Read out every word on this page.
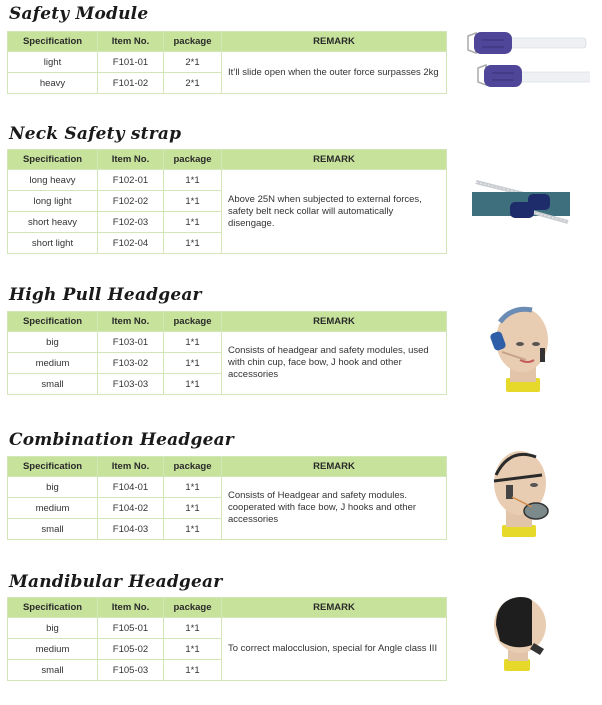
Safety Module
Specification	Item No.	package	REMARK
light	F101-01	2*1	It’ll slide open when the outer force surpasses 2kg
heavy	F101-02	2*1	
Neck Safety strap
Specification	Item No.	package	REMARK
long heavy	F102-01	1*1	Above 25N when subjected to external forces, safety belt neck collar will automatically disengage.
long light	F102-02	1*1	
short heavy	F102-03	1*1	
short light	F102-04	1*1	
High Pull Headgear
Specification	Item No.	package	REMARK
big	F103-01	1*1	Consists of headgear and safety modules, used with chin cup, face bow, J hook and other accessories
medium	F103-02	1*1	
small	F103-03	1*1	
Combination Headgear
Specification	Item No.	package	REMARK
big	F104-01	1*1	Consists of Headgear and safety modules. cooperated with face bow, J hooks and other accessories
medium	F104-02	1*1	
small	F104-03	1*1	
Mandibular Headgear
Specification	Item No.	package	REMARK
big	F105-01	1*1	To correct malocclusion, special for Angle class III
medium	F105-02	1*1	
small	F105-03	1*1	
